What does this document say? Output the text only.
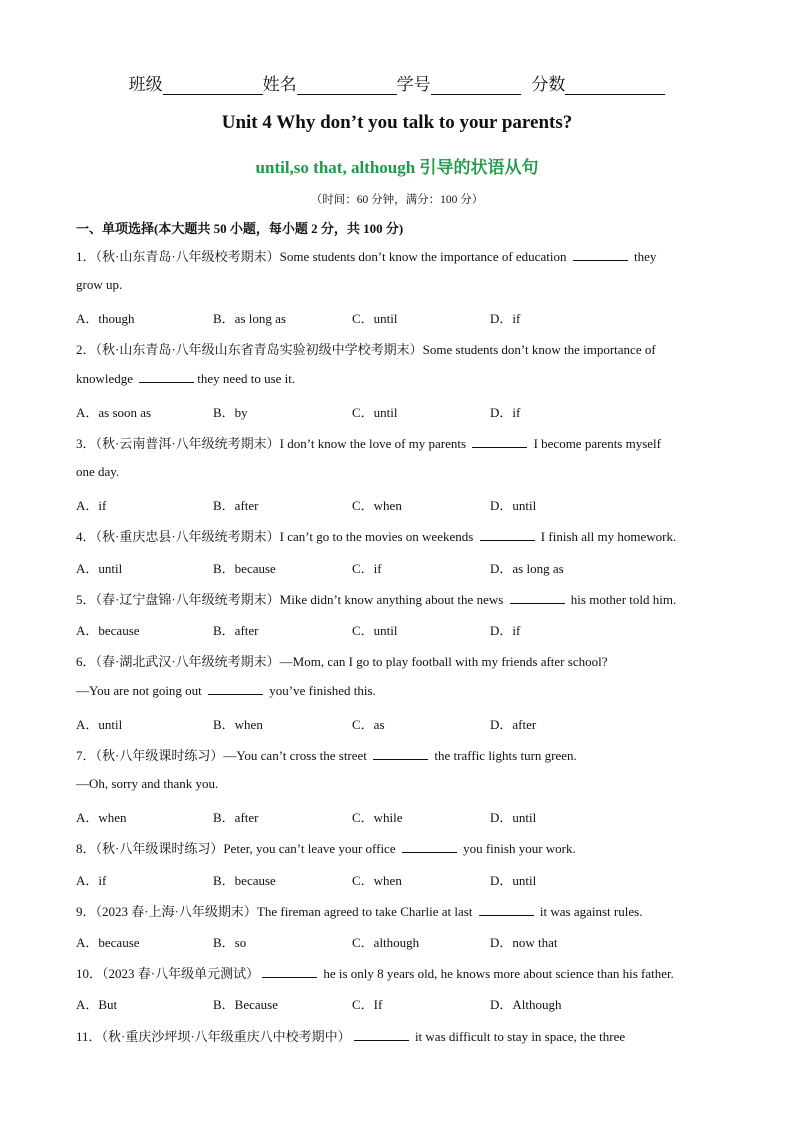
班级	姓名	学号	分数
Unit 4 Why don’t you talk to your parents?
until,so that, although 引导的状语从句
（时间：60 分钟，满分：100 分）
一、单项选择(本大题共 50 小题，每小题 2 分，共 100 分)
1．（秋·山东青岛·八年级校考期末）Some students don’t know the importance of education	they
grow up.
A．though	B．as long as	C．until	D．if
2．（秋·山东青岛·八年级山东省青岛实验初级中学校考期末）Some students don’t know the importance of
knowledge	they need to use it.
A．as soon as	B．by	C．until	D．if
3．（秋·云南普洱·八年级统考期末）I don’t know the love of my parents	I become parents myself
one day.
A．if	B．after	C．when	D．until
4．（秋·重庆忠县·八年级统考期末）I can’t go to the movies on weekends	I finish all my homework.
A．until	B．because	C．if	D．as long as
5．（春·辽宁盘锦·八年级统考期末）Mike didn’t know anything about the news	his mother told him.
A．because	B．after	C．until	D．if
6．（春·湖北武汉·八年级统考期末）—Mom, can I go to play football with my friends after school?
—You are not going out	you’ve finished this.
A．until	B．when	C．as	D．after
7．（秋·八年级课时练习）—You can’t cross the street	the traffic lights turn green.
—Oh, sorry and thank you.
A．when	B．after	C．while	D．until
8．（秋·八年级课时练习）Peter, you can’t leave your office	you finish your work.
A．if	B．because	C．when	D．until
9．（2023 春·上海·八年级期末）The fireman agreed to take Charlie at last	it was against rules.
A．because	B．so	C．although	D．now that
10．（2023 春·八年级单元测试）	he is only 8 years old, he knows more about science than his father.
A．But	B．Because	C．If	D．Although
11．（秋·重庆沙坪坝·八年级重庆八中校考期中）	it was difficult to stay in space, the three
